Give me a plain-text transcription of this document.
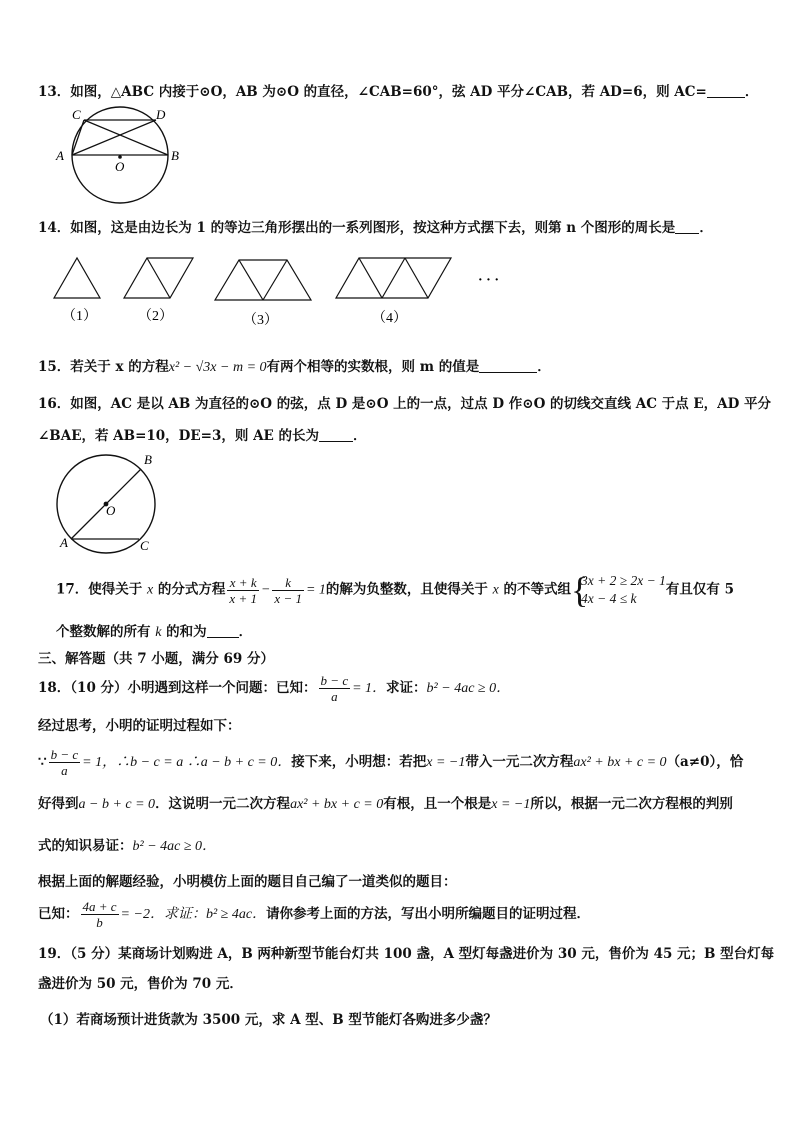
13．如图，△ABC 内接于⊙O，AB 为⊙O 的直径，∠CAB=60°，弦 AD 平分∠CAB，若 AD=6，则 AC=	．
C	D
A	B
O
14．如图，这是由边长为 1 的等边三角形摆出的一系列图形，按这种方式摆下去，则第 n 个图形的周长是 ．
（1）	（2）	（3）	（4）
· · ·
15．若关于 x 的方程x² − √3x − m = 0有两个相等的实数根，则 m 的值是	．
16．如图，AC 是以 AB 为直径的⊙O 的弦，点 D 是⊙O 上的一点，过点 D 作⊙O 的切线交直线 AC 于点 E，AD 平分
∠BAE，若 AB=10，DE=3，则 AE 的长为	．
B
O
A	C
17．使得关于 x 的分式方程 $\frac{x + k}{x + 1} - \frac{k}{x - 1} = 1$的解为负整数，且使得关于 x 的不等式组 {
3x + 2 ≥ 2x − 1
4x − 4 ≤ k
有且仅有 5
个整数解的所有 k 的和为 ．
三、解答题（共 7 小题，满分 69 分）
18．（10 分）小明遇到这样一个问题：已知： $\frac{b - c}{a} = 1$．求证：b² − 4ac ≥ 0．
经过思考，小明的证明过程如下：
∵ $\frac{b - c}{a} = 1$，∴b − c = a ∴a − b + c = 0．接下来，小明想：若把x = −1带入一元二次方程ax² + bx + c = 0（a≠0），恰
好得到a − b + c = 0．这说明一元二次方程ax² + bx + c = 0有根，且一个根是x = −1所以，根据一元二次方程根的判别
式的知识易证：b² − 4ac ≥ 0．
根据上面的解题经验，小明模仿上面的题目自己编了一道类似的题目：
已知： $\frac{4a + c}{b} = -2$．求证：b² ≥ 4ac．请你参考上面的方法，写出小明所编题目的证明过程．
19．（5 分）某商场计划购进 A，B 两种新型节能台灯共 100 盏，A 型灯每盏进价为 30 元，售价为 45 元；B 型台灯每
盏进价为 50 元，售价为 70 元．
（1）若商场预计进货款为 3500 元，求 A 型、B 型节能灯各购进多少盏？
